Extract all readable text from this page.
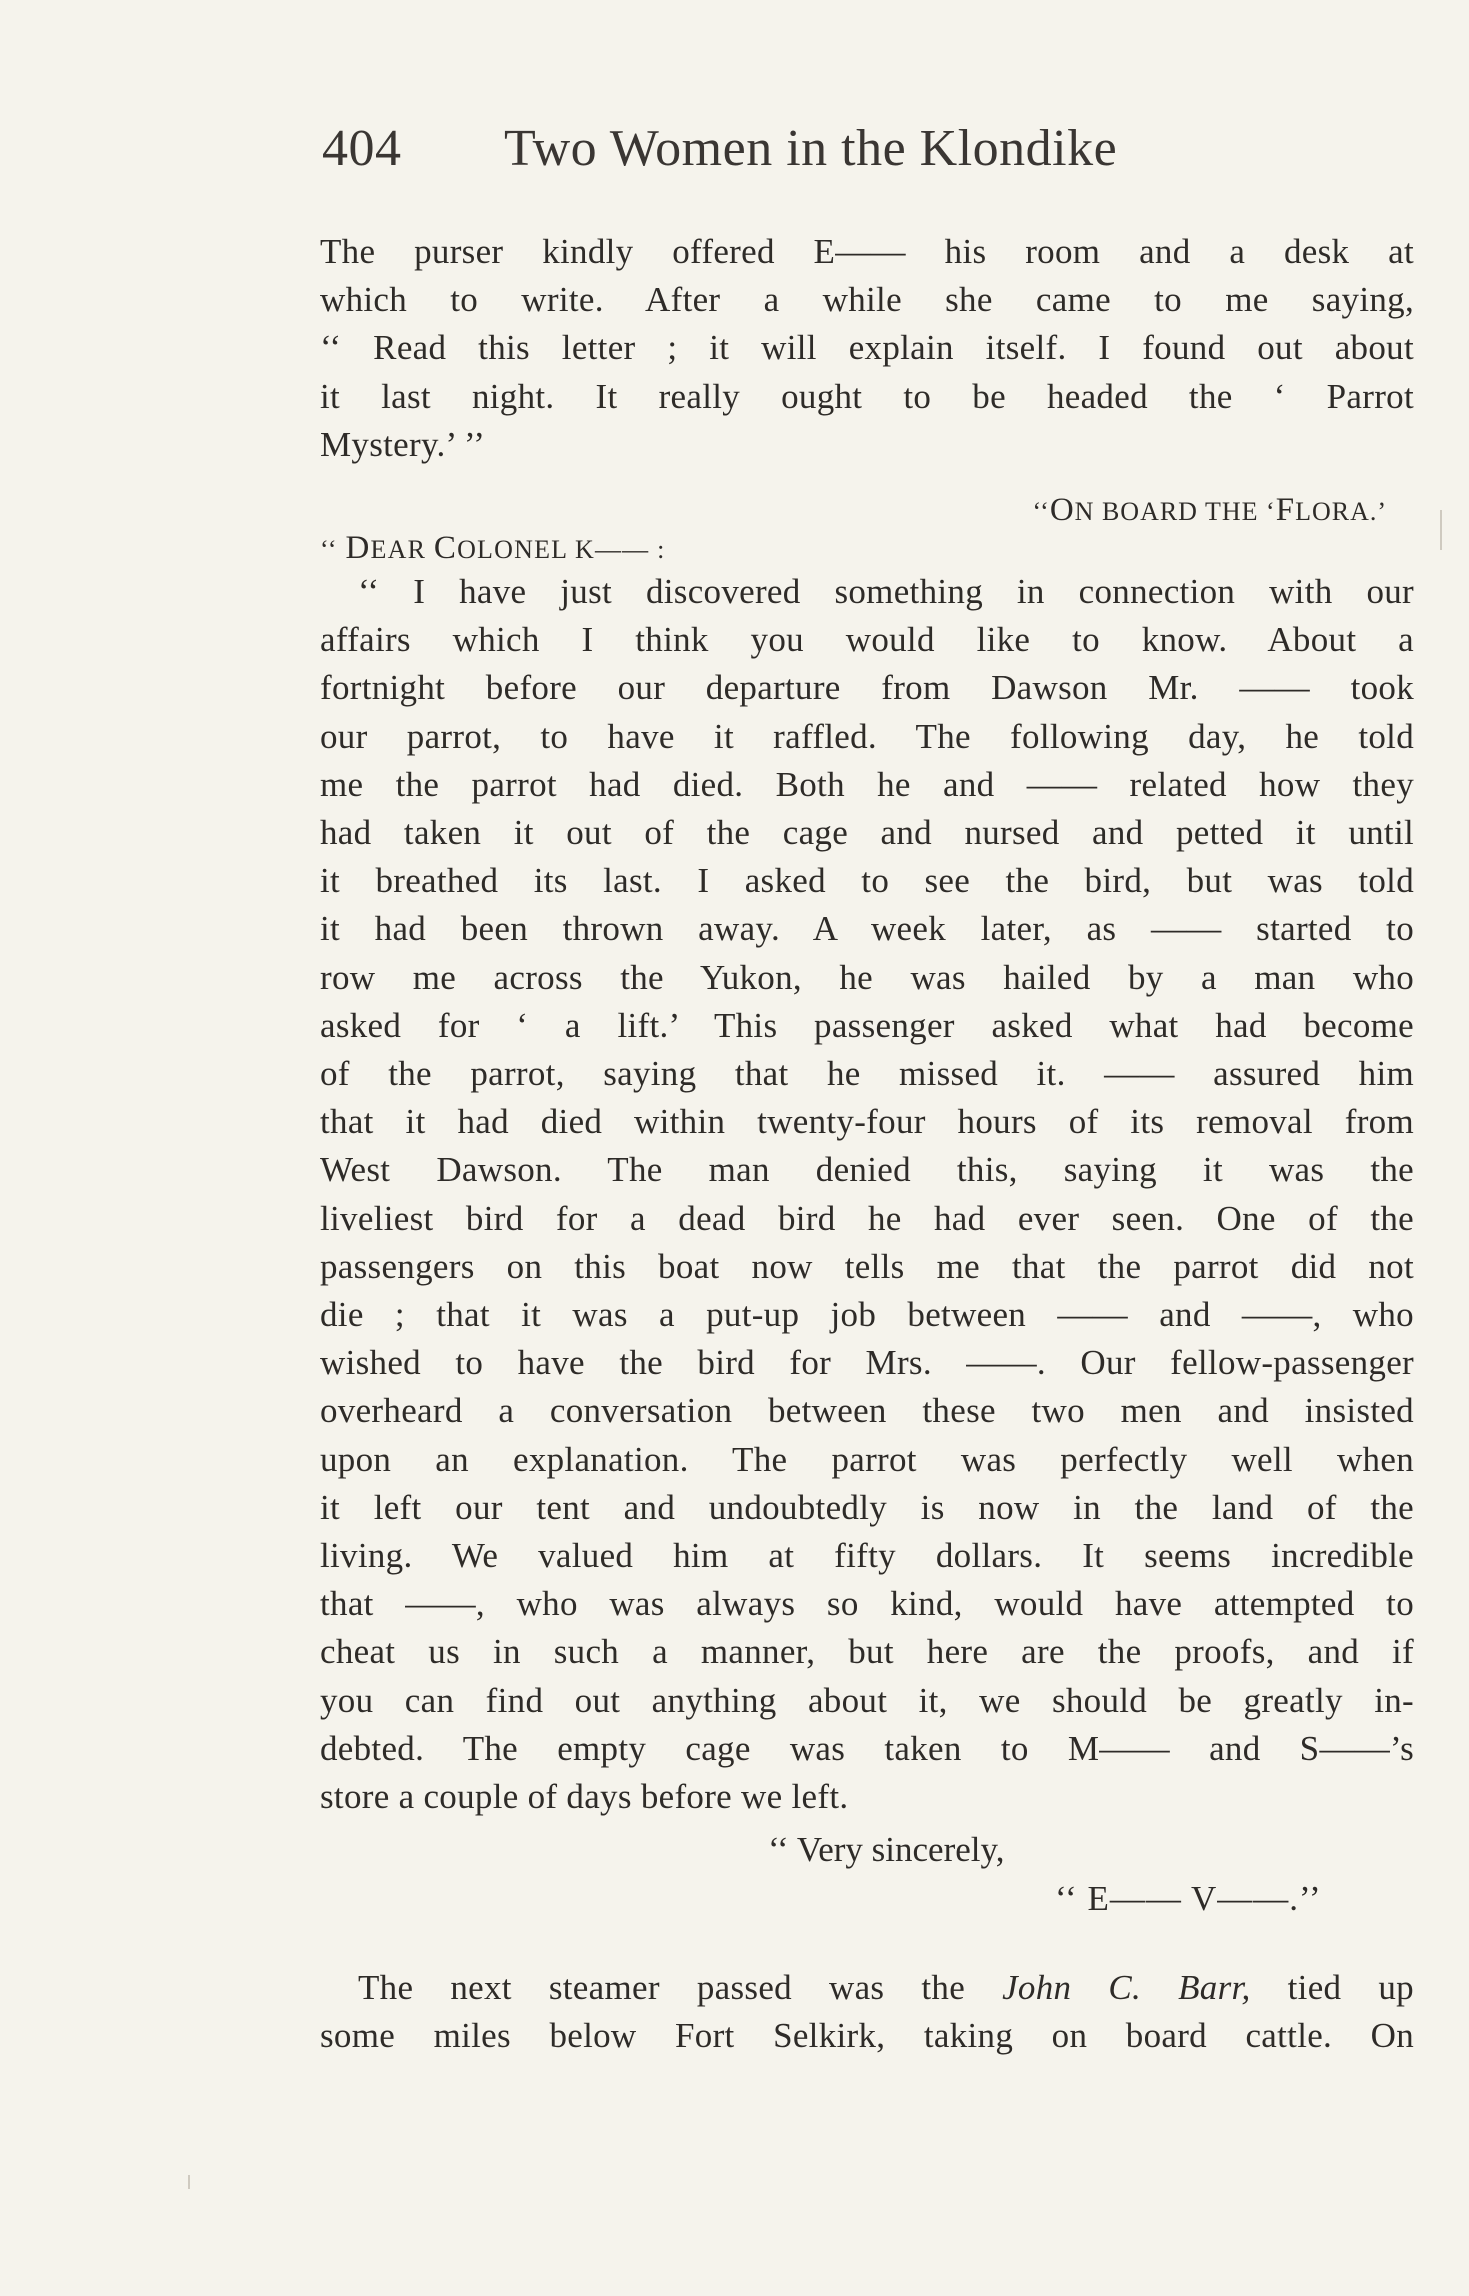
404 Two Women in the Klondike

The purser kindly offered E—— his room and a desk at

which to write. After a while she came to me saying,

‘‘ Read this letter ; it will explain itself. I found out about

it last night. It really ought to be headed the ‘ Parrot

Mystery.’ ’’

‘‘ON BOARD THE ‘FLORA.’
‘‘ DEAR COLONEL K—— :

‘‘ I have just discovered something in connection with our

affairs which I think you would like to know. About a

fortnight before our departure from Dawson Mr. —— took

our parrot, to have it raffled. The following day, he told

me the parrot had died. Both he and —— related how they

had taken it out of the cage and nursed and petted it until

it breathed its last. I asked to see the bird, but was told

it had been thrown away. A week later, as —— started to

row me across the Yukon, he was hailed by a man who

asked for ‘ a lift.’ This passenger asked what had become

of the parrot, saying that he missed it. —— assured him

that it had died within twenty-four hours of its removal from

West Dawson. The man denied this, saying it was the

liveliest bird for a dead bird he had ever seen. One of the

passengers on this boat now tells me that the parrot did not

die ; that it was a put-up job between —— and ——, who

wished to have the bird for Mrs. ——. Our fellow-passenger

overheard a conversation between these two men and insisted

upon an explanation. The parrot was perfectly well when

it left our tent and undoubtedly is now in the land of the

living. We valued him at fifty dollars. It seems incredible

that ——, who was always so kind, would have attempted to

cheat us in such a manner, but here are the proofs, and if

you can find out anything about it, we should be greatly in-

debted. The empty cage was taken to M—— and S——’s

store a couple of days before we left.

‘‘ Very sincerely,
‘‘ E—— V——.’’

The next steamer passed was the John C. Barr, tied up

some miles below Fort Selkirk, taking on board cattle. On
